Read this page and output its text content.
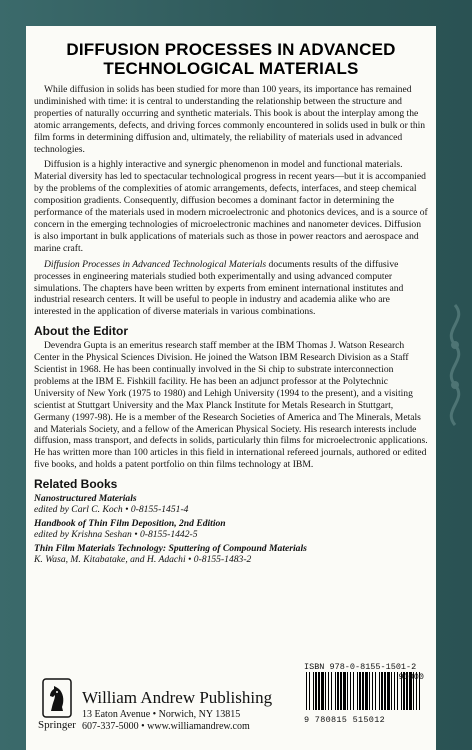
DIFFUSION PROCESSES IN ADVANCED
TECHNOLOGICAL MATERIALS

While diffusion in solids has been studied for more than 100 years, its importance has remained undiminished with time: it is central to understanding the relationship between the structure and properties of naturally occurring and synthetic materials. This book is about the interplay among the atomic arrangements, defects, and driving forces commonly encountered in solids used in bulk or thin film forms in determining diffusion and, ultimately, the reliability of materials used in advanced technologies.

Diffusion is a highly interactive and synergic phenomenon in model and functional materials. Material diversity has led to spectacular technological progress in recent years—but it is accompanied by the problems of the complexities of atomic arrangements, defects, interfaces, and steep chemical composition gradients. Consequently, diffusion becomes a dominant factor in determining the performance of the materials used in modern microelectronic and photonics devices, and is a source of concern in the emerging technologies of microelectronic machines and nanometer devices. Diffusion is also important in bulk applications of materials such as those in power reactors and aerospace and marine craft.

Diffusion Processes in Advanced Technological Materials documents results of the diffusive processes in engineering materials studied both experimentally and using advanced computer simulations. The chapters have been written by experts from eminent international institutes and industrial research centers. It will be useful to people in industry and academia alike who are interested in the application of diverse materials in various combinations.

About the Editor

Devendra Gupta is an emeritus research staff member at the IBM Thomas J. Watson Research Center in the Physical Sciences Division. He joined the Watson IBM Research Division as a Staff Scientist in 1968. He has been continually involved in the Si chip to substrate interconnection problems at the IBM E. Fishkill facility. He has been an adjunct professor at the Polytechnic University of New York (1975 to 1980) and Lehigh University (1994 to the present), and a visiting scientist at Stuttgart University and the Max Planck Institute for Metals Research in Stuttgart, Germany (1997-98). He is a member of the Research Societies of America and The Minerals, Metals and Materials Society, and a fellow of the American Physical Society. His research interests include diffusion, mass transport, and defects in solids, particularly thin films for microelectronic applications. He has written more than 100 articles in this field in international refereed journals, authored or edited five books, and holds a patent portfolio on thin films technology at IBM.

Related Books
Nanostructured Materials
edited by Carl C. Koch • 0-8155-1451-4
Handbook of Thin Film Deposition, 2nd Edition
edited by Krishna Seshan • 0-8155-1442-5
Thin Film Materials Technology: Sputtering of Compound Materials
K. Wasa, M. Kitabatake, and H. Adachi • 0-8155-1483-2
Springer
William Andrew Publishing
13 Eaton Avenue • Norwich, NY 13815
607-337-5000 • www.williamandrew.com
ISBN 978-0-8155-1501-2
90000
9 780815 515012
